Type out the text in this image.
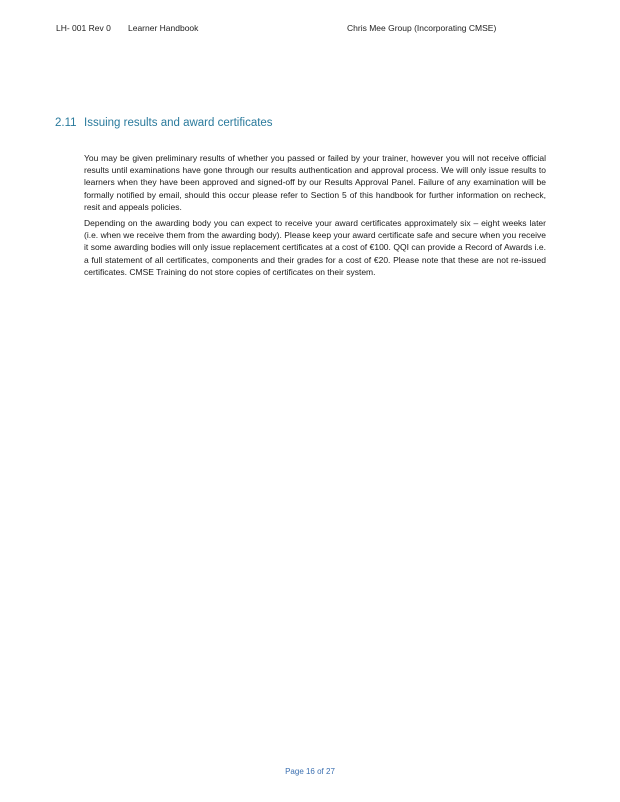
LH- 001 Rev 0 Learner Handbook	Chris Mee Group (Incorporating CMSE)
2.11 Issuing results and award certificates

You may be given preliminary results of whether you passed or failed by your trainer, however you will not receive official results until examinations have gone through our results authentication and approval process. We will only issue results to learners when they have been approved and signed-off by our Results Approval Panel. Failure of any examination will be formally notified by email, should this occur please refer to Section 5 of this handbook for further information on recheck, resit and appeals policies.

Depending on the awarding body you can expect to receive your award certificates approximately six – eight weeks later (i.e. when we receive them from the awarding body). Please keep your award certificate safe and secure when you receive it some awarding bodies will only issue replacement certificates at a cost of €100. QQI can provide a Record of Awards i.e. a full statement of all certificates, components and their grades for a cost of €20. Please note that these are not re-issued certificates. CMSE Training do not store copies of certificates on their system.

Page 16 of 27
